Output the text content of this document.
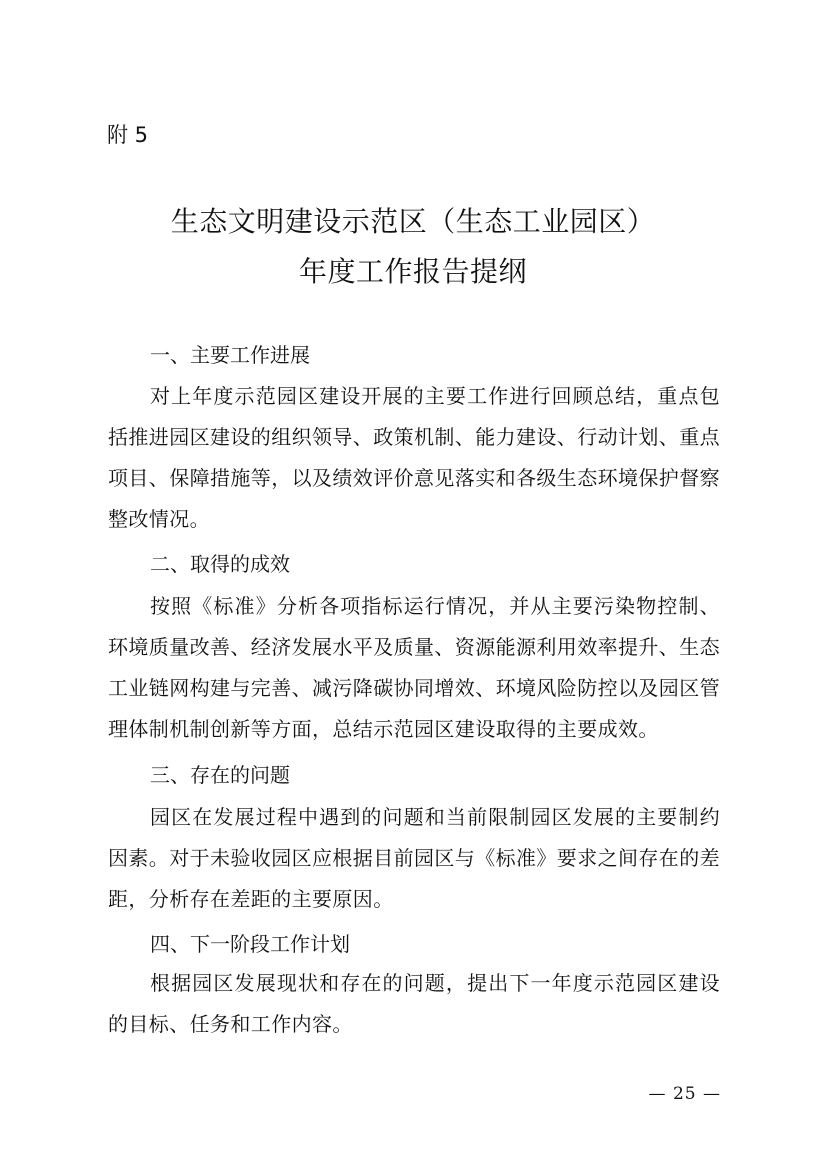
附 5
生态文明建设示范区（生态工业园区）
年度工作报告提纲
一、主要工作进展
对上年度示范园区建设开展的主要工作进行回顾总结，重点包括推进园区建设的组织领导、政策机制、能力建设、行动计划、重点项目、保障措施等，以及绩效评价意见落实和各级生态环境保护督察整改情况。
二、取得的成效
按照《标准》分析各项指标运行情况，并从主要污染物控制、环境质量改善、经济发展水平及质量、资源能源利用效率提升、生态工业链网构建与完善、减污降碳协同增效、环境风险防控以及园区管理体制机制创新等方面，总结示范园区建设取得的主要成效。
三、存在的问题
园区在发展过程中遇到的问题和当前限制园区发展的主要制约因素。对于未验收园区应根据目前园区与《标准》要求之间存在的差距，分析存在差距的主要原因。
四、下一阶段工作计划
根据园区发展现状和存在的问题，提出下一年度示范园区建设的目标、任务和工作内容。
— 25 —
